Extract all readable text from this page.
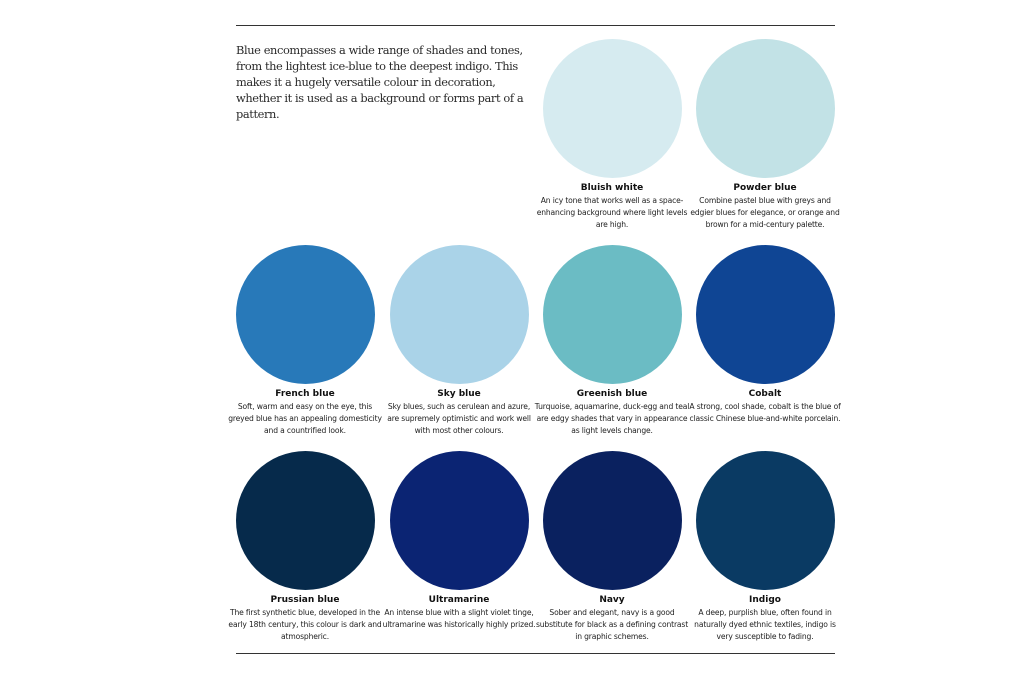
Blue encompasses a wide range of shades and tones, from the lightest ice-blue to the deepest indigo. This makes it a hugely versatile colour in decoration, whether it is used as a background or forms part of a pattern.

Bluish white
An icy tone that works well as a space-enhancing background where light levels are high.
Powder blue
Combine pastel blue with greys and edgier blues for elegance, or orange and brown for a mid-century palette.
French blue
Soft, warm and easy on the eye, this greyed blue has an appealing domesticity and a countrified look.
Sky blue
Sky blues, such as cerulean and azure, are supremely optimistic and work well with most other colours.
Greenish blue
Turquoise, aquamarine, duck-egg and teal are edgy shades that vary in appearance as light levels change.
Cobalt
A strong, cool shade, cobalt is the blue of classic Chinese blue-and-white porcelain.
Prussian blue
The first synthetic blue, developed in the early 18th century, this colour is dark and atmospheric.
Ultramarine
An intense blue with a slight violet tinge, ultramarine was historically highly prized.
Navy
Sober and elegant, navy is a good substitute for black as a defining contrast in graphic schemes.
Indigo
A deep, purplish blue, often found in naturally dyed ethnic textiles, indigo is very susceptible to fading.
